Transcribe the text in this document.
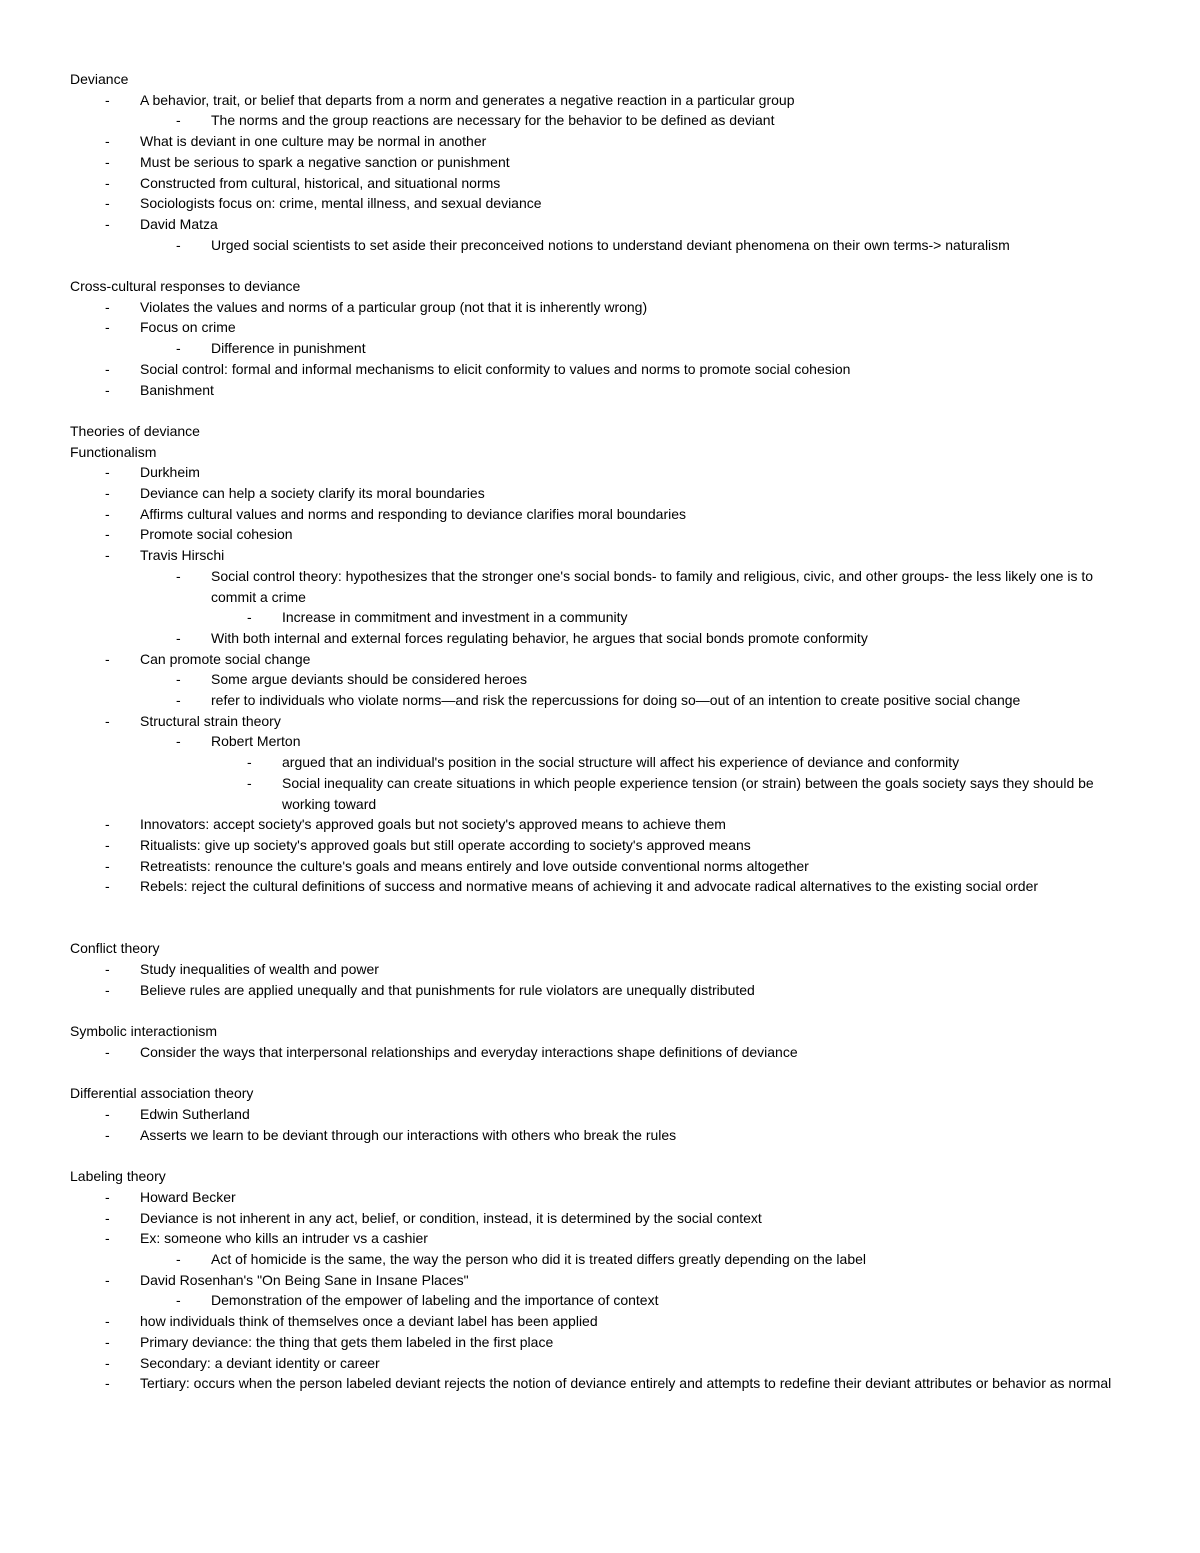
Deviance
- A behavior, trait, or belief that departs from a norm and generates a negative reaction in a particular group
- The norms and the group reactions are necessary for the behavior to be defined as deviant
- What is deviant in one culture may be normal in another
- Must be serious to spark a negative sanction or punishment
- Constructed from cultural, historical, and situational norms
- Sociologists focus on: crime, mental illness, and sexual deviance
- David Matza
- Urged social scientists to set aside their preconceived notions to understand deviant phenomena on their own terms-> naturalism
Cross-cultural responses to deviance
- Violates the values and norms of a particular group (not that it is inherently wrong)
- Focus on crime
- Difference in punishment
- Social control: formal and informal mechanisms to elicit conformity to values and norms to promote social cohesion
- Banishment
Theories of deviance
Functionalism
- Durkheim
- Deviance can help a society clarify its moral boundaries
- Affirms cultural values and norms and responding to deviance clarifies moral boundaries
- Promote social cohesion
- Travis Hirschi
- Social control theory: hypothesizes that the stronger one's social bonds- to family and religious, civic, and other groups- the less likely one is to commit a crime
- Increase in commitment and investment in a community
- With both internal and external forces regulating behavior, he argues that social bonds promote conformity
- Can promote social change
- Some argue deviants should be considered heroes
- refer to individuals who violate norms—and risk the repercussions for doing so—out of an intention to create positive social change
- Structural strain theory
- Robert Merton
- argued that an individual's position in the social structure will affect his experience of deviance and conformity
- Social inequality can create situations in which people experience tension (or strain) between the goals society says they should be working toward
- Innovators: accept society's approved goals but not society's approved means to achieve them
- Ritualists: give up society's approved goals but still operate according to society's approved means
- Retreatists: renounce the culture's goals and means entirely and love outside conventional norms altogether
- Rebels: reject the cultural definitions of success and normative means of achieving it and advocate radical alternatives to the existing social order
Conflict theory
- Study inequalities of wealth and power
- Believe rules are applied unequally and that punishments for rule violators are unequally distributed
Symbolic interactionism
- Consider the ways that interpersonal relationships and everyday interactions shape definitions of deviance
Differential association theory
- Edwin Sutherland
- Asserts we learn to be deviant through our interactions with others who break the rules
Labeling theory
- Howard Becker
- Deviance is not inherent in any act, belief, or condition, instead, it is determined by the social context
- Ex: someone who kills an intruder vs a cashier
- Act of homicide is the same, the way the person who did it is treated differs greatly depending on the label
- David Rosenhan's "On Being Sane in Insane Places"
- Demonstration of the empower of labeling and the importance of context
- how individuals think of themselves once a deviant label has been applied
- Primary deviance: the thing that gets them labeled in the first place
- Secondary: a deviant identity or career
- Tertiary: occurs when the person labeled deviant rejects the notion of deviance entirely and attempts to redefine their deviant attributes or behavior as normal
